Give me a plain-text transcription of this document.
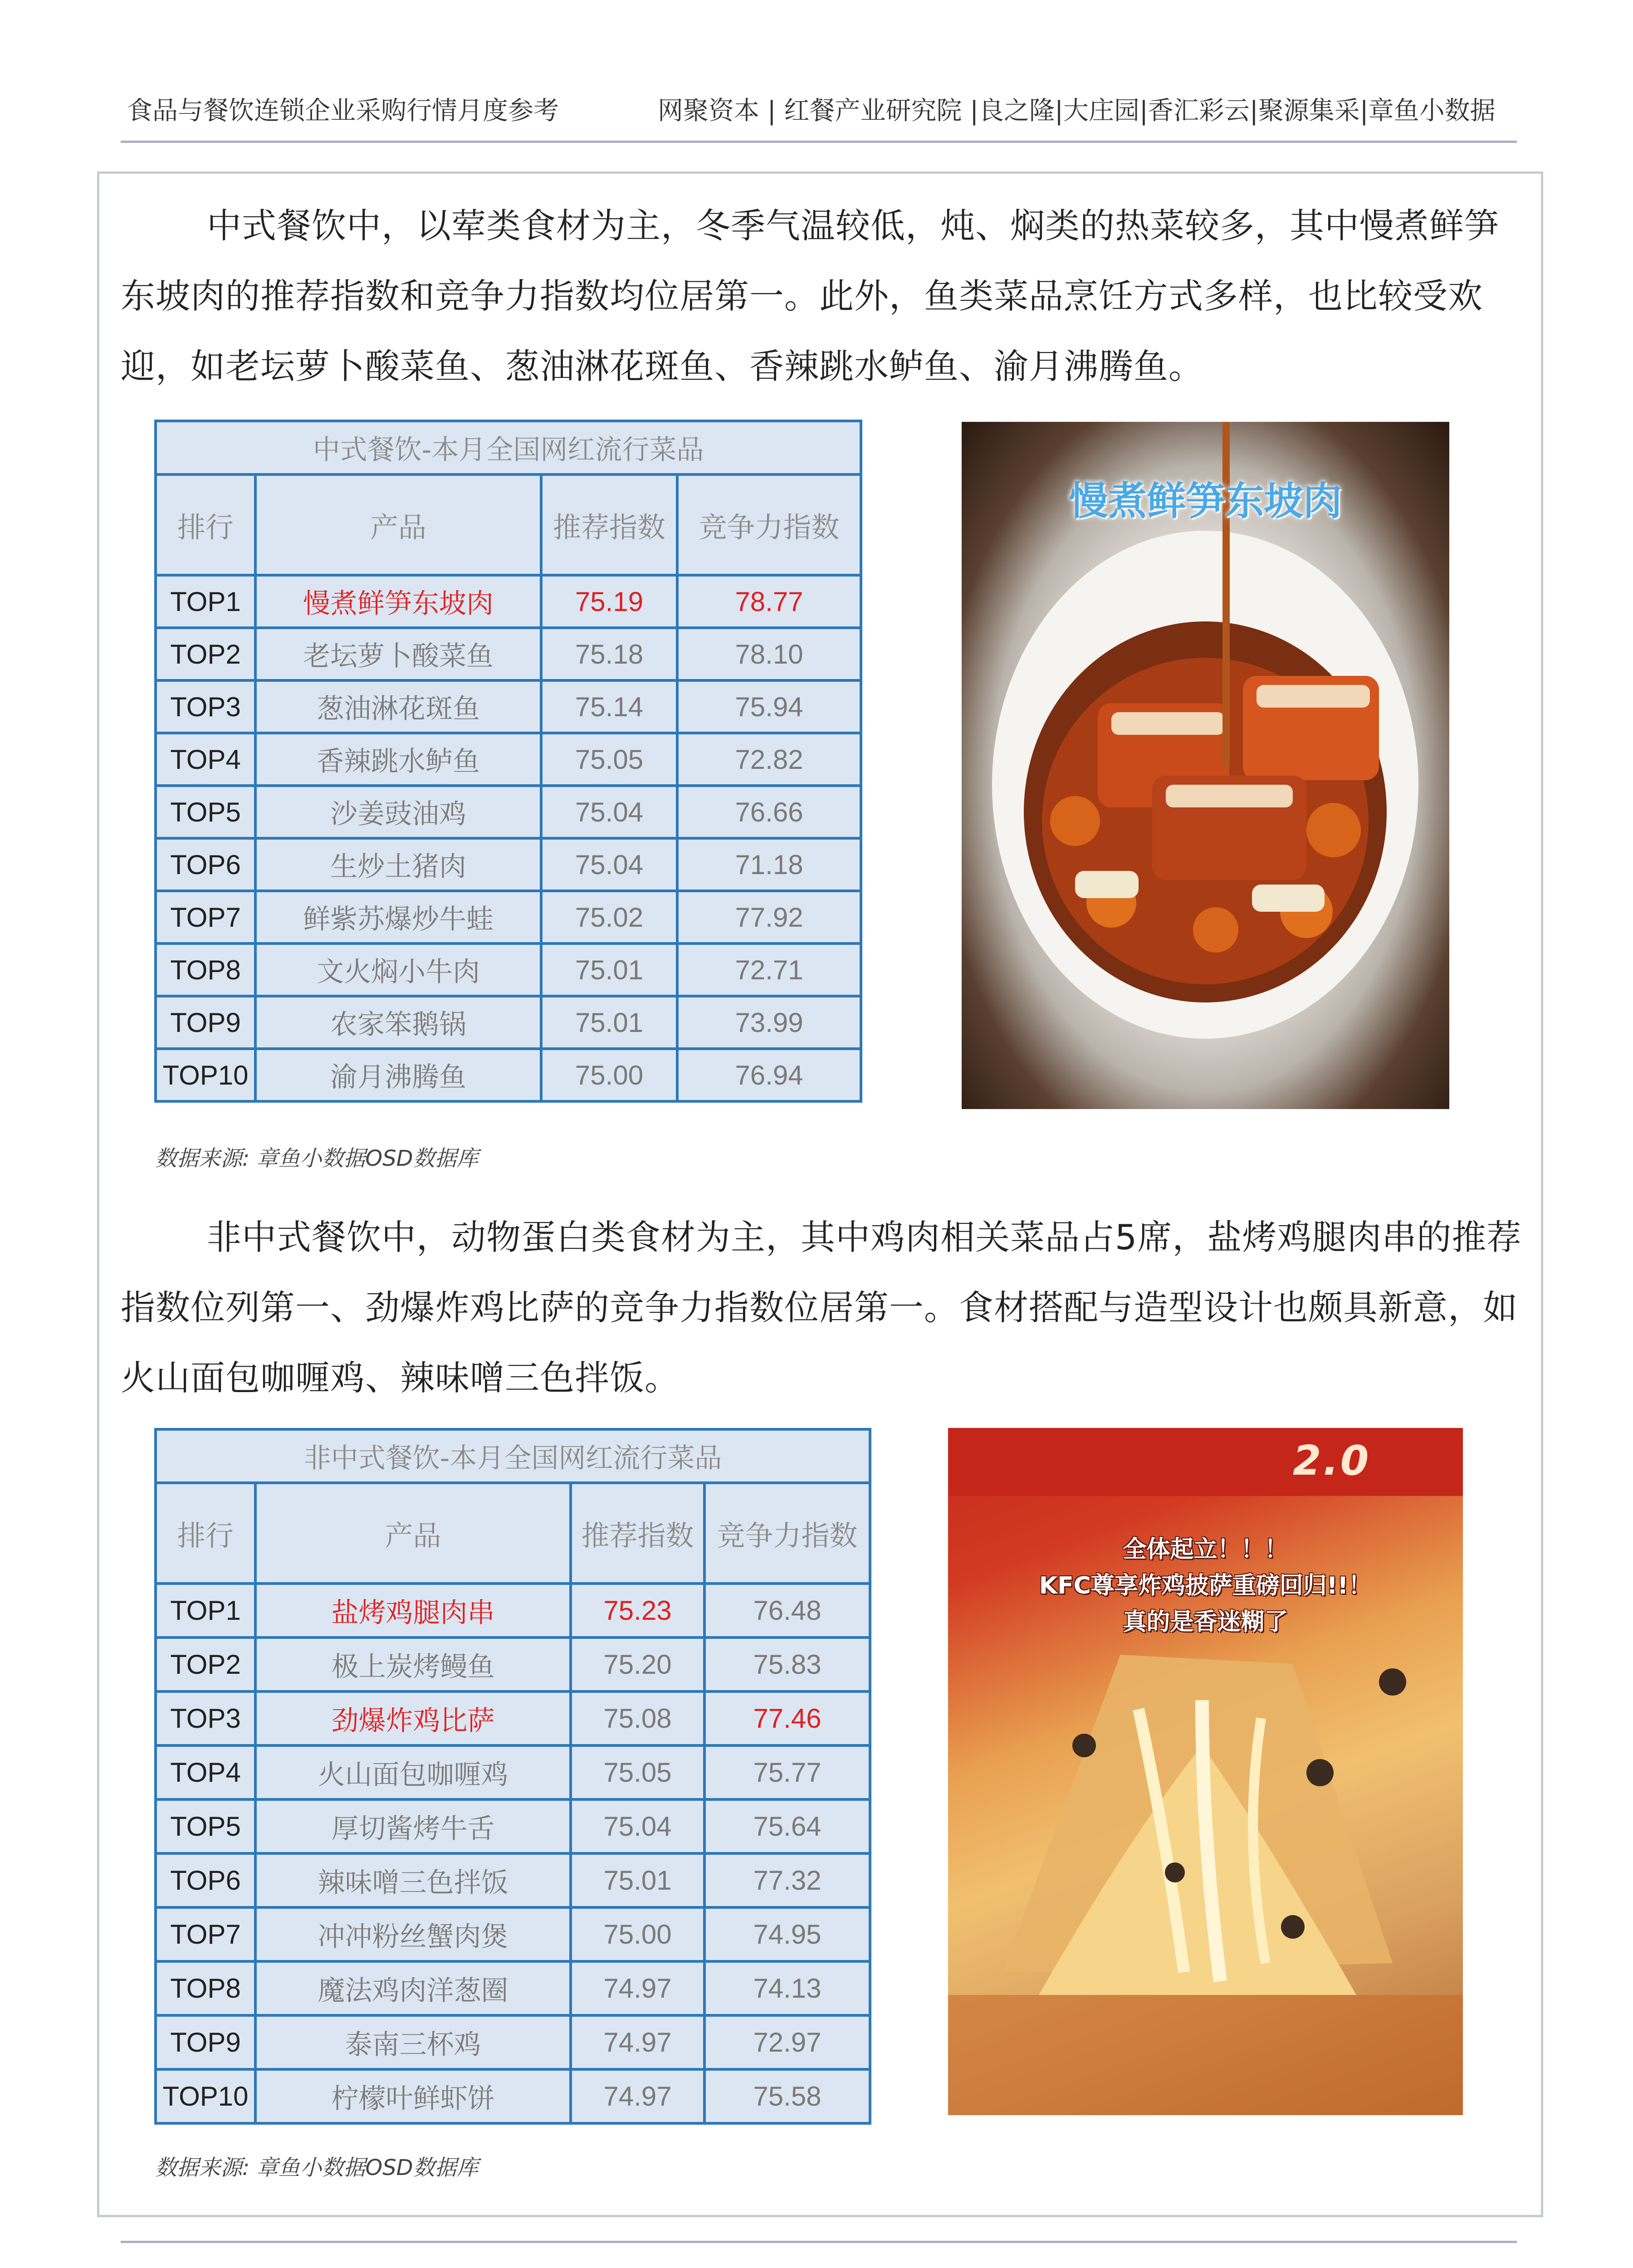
食品与餐饮连锁企业采购行情月度参考	网聚资本 | 红餐产业研究院 |良之隆|大庄园|香汇彩云|聚源集采|章鱼小数据
中式餐饮中，以荤类食材为主，冬季气温较低，炖、焖类的热菜较多，其中慢煮鲜笋东坡肉的推荐指数和竞争力指数均位居第一。此外，鱼类菜品烹饪方式多样，也比较受欢迎，如老坛萝卜酸菜鱼、葱油淋花斑鱼、香辣跳水鲈鱼、渝月沸腾鱼。
中式餐饮-本月全国网红流行菜品			
排行	产品	推荐指数	竞争力指数
TOP1	慢煮鲜笋东坡肉	75.19	78.77
TOP2	老坛萝卜酸菜鱼	75.18	78.10
TOP3	葱油淋花斑鱼	75.14	75.94
TOP4	香辣跳水鲈鱼	75.05	72.82
TOP5	沙姜豉油鸡	75.04	76.66
TOP6	生炒土猪肉	75.04	71.18
TOP7	鲜紫苏爆炒牛蛙	75.02	77.92
TOP8	文火焖小牛肉	75.01	72.71
TOP9	农家笨鹅锅	75.01	73.99
TOP10	渝月沸腾鱼	75.00	76.94
数据来源: 章鱼小数据OSD数据库
慢煮鲜笋东坡肉
非中式餐饮中，动物蛋白类食材为主，其中鸡肉相关菜品占5席，盐烤鸡腿肉串的推荐指数位列第一、劲爆炸鸡比萨的竞争力指数位居第一。食材搭配与造型设计也颇具新意，如火山面包咖喱鸡、辣味噌三色拌饭。
非中式餐饮-本月全国网红流行菜品			
排行	产品	推荐指数	竞争力指数
TOP1	盐烤鸡腿肉串	75.23	76.48
TOP2	极上炭烤鳗鱼	75.20	75.83
TOP3	劲爆炸鸡比萨	75.08	77.46
TOP4	火山面包咖喱鸡	75.05	75.77
TOP5	厚切酱烤牛舌	75.04	75.64
TOP6	辣味噌三色拌饭	75.01	77.32
TOP7	冲冲粉丝蟹肉煲	75.00	74.95
TOP8	魔法鸡肉洋葱圈	74.97	74.13
TOP9	泰南三杯鸡	74.97	72.97
TOP10	柠檬叶鲜虾饼	74.97	75.58
数据来源: 章鱼小数据OSD数据库
2.0
全体起立！！！
KFC尊享炸鸡披萨重磅回归!!！
真的是香迷糊了
